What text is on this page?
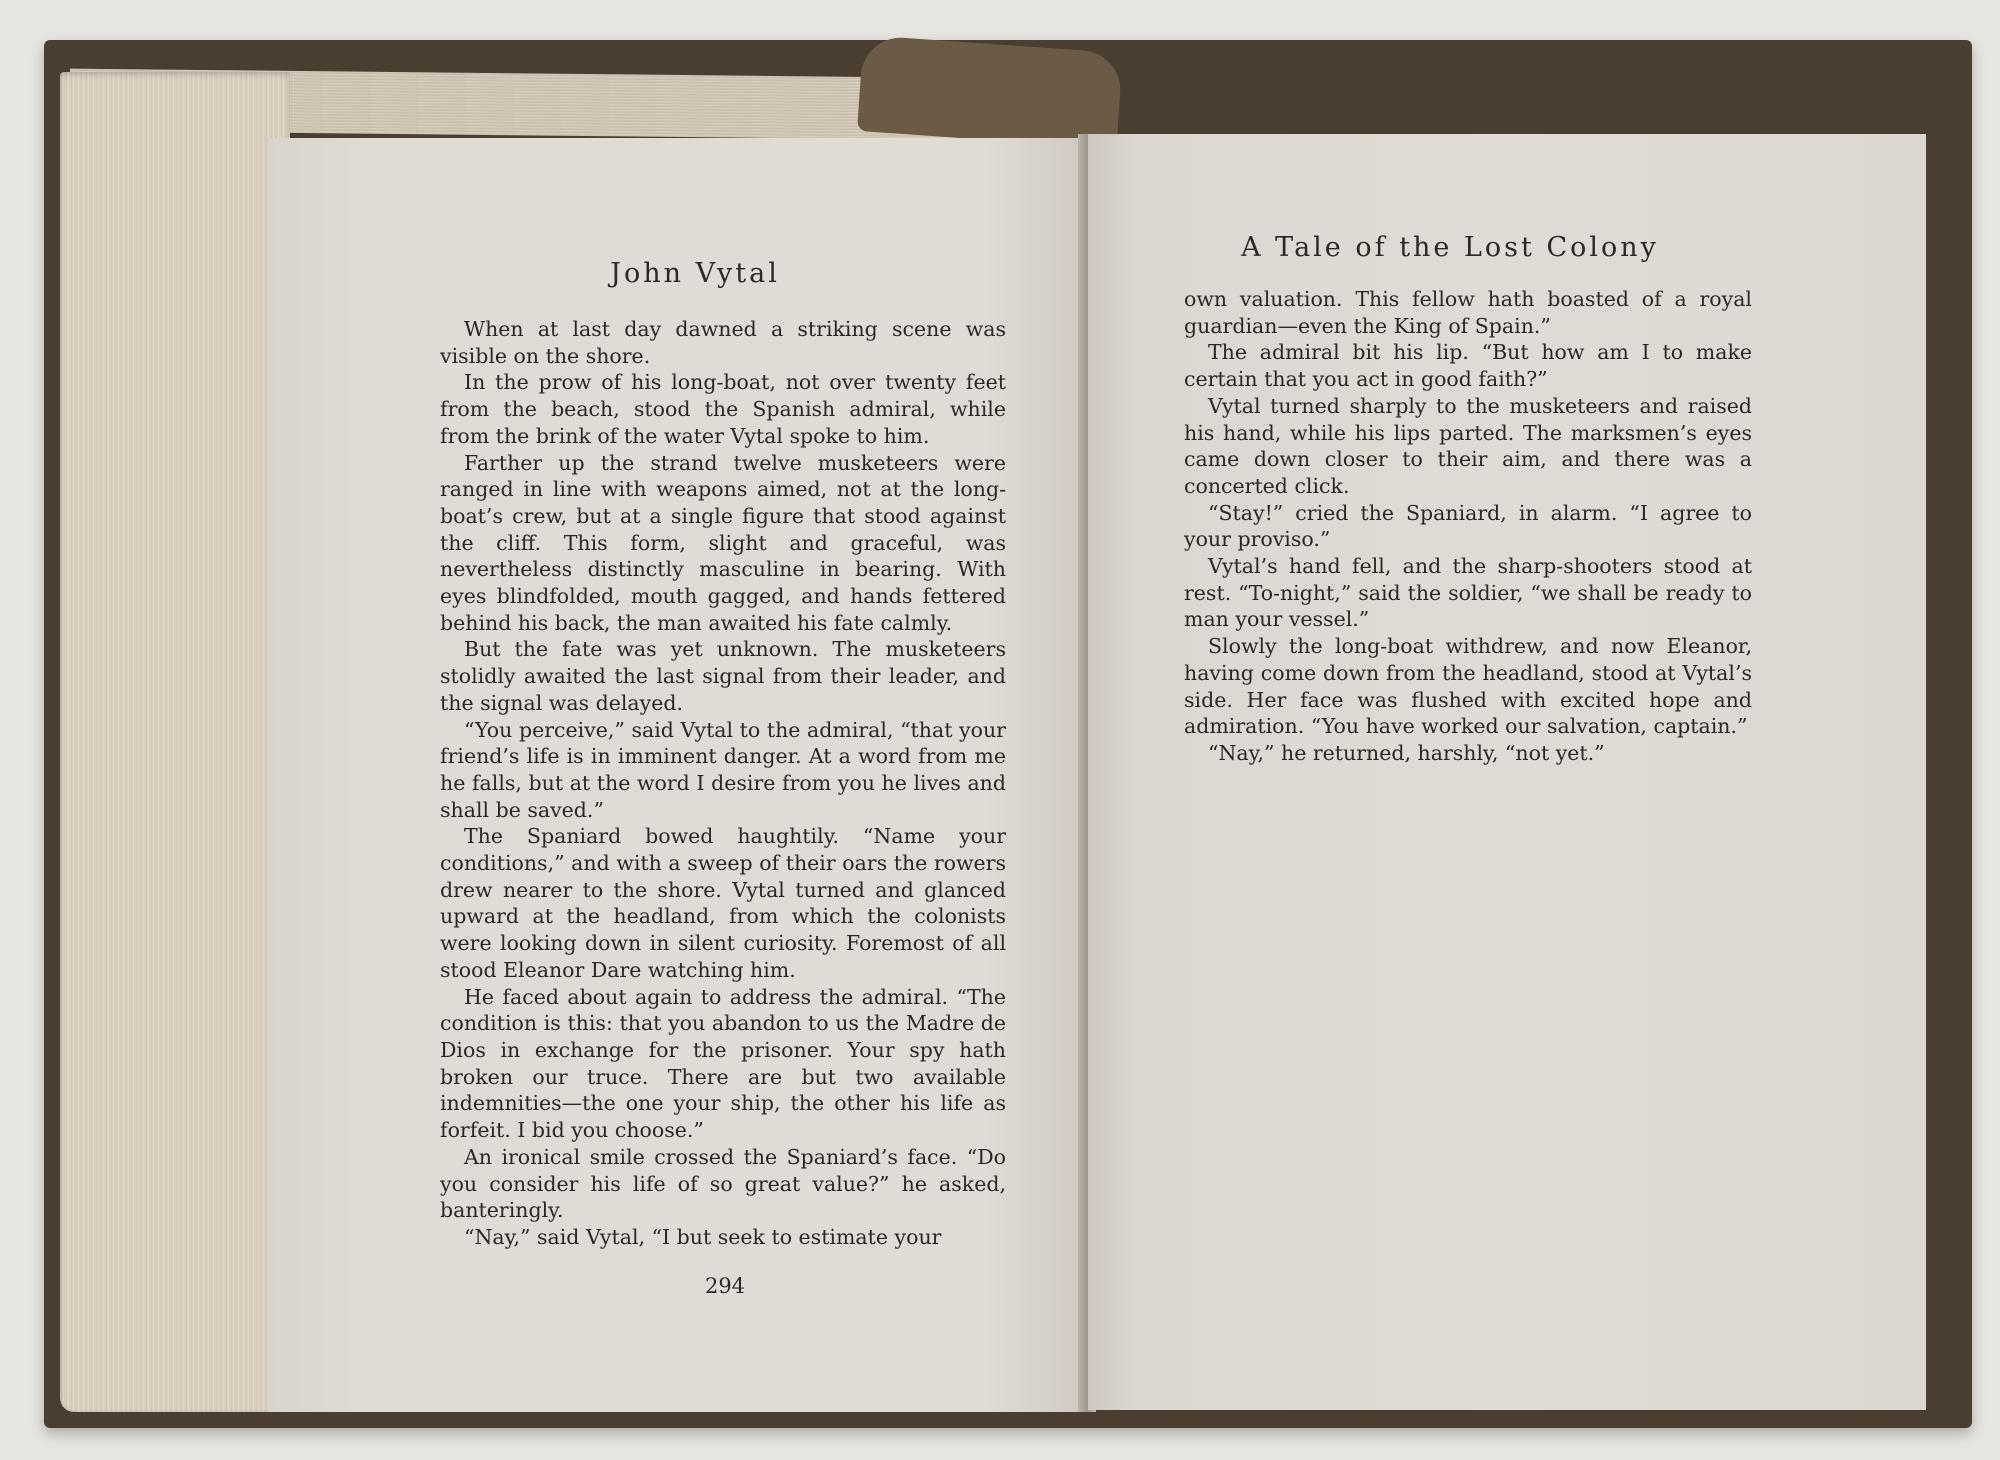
John Vytal

When at last day dawned a striking scene was visible on the shore.

In the prow of his long-boat, not over twenty feet from the beach, stood the Spanish admiral, while from the brink of the water Vytal spoke to him.

Farther up the strand twelve musketeers were ranged in line with weapons aimed, not at the long-boat’s crew, but at a single figure that stood against the cliff. This form, slight and graceful, was nevertheless distinctly masculine in bearing. With eyes blindfolded, mouth gagged, and hands fettered behind his back, the man awaited his fate calmly.

But the fate was yet unknown. The musketeers stolidly awaited the last signal from their leader, and the signal was delayed.

“You perceive,” said Vytal to the admiral, “that your friend’s life is in imminent danger. At a word from me he falls, but at the word I desire from you he lives and shall be saved.”

The Spaniard bowed haughtily. “Name your conditions,” and with a sweep of their oars the rowers drew nearer to the shore. Vytal turned and glanced upward at the headland, from which the colonists were looking down in silent curiosity. Foremost of all stood Eleanor Dare watching him.

He faced about again to address the admiral. “The condition is this: that you abandon to us the Madre de Dios in exchange for the prisoner. Your spy hath broken our truce. There are but two available indemnities—the one your ship, the other his life as forfeit. I bid you choose.”

An ironical smile crossed the Spaniard’s face. “Do you consider his life of so great value?” he asked, banteringly.

“Nay,” said Vytal, “I but seek to estimate your

294
A Tale of the Lost Colony

own valuation. This fellow hath boasted of a royal guardian—even the King of Spain.”

The admiral bit his lip. “But how am I to make certain that you act in good faith?”

Vytal turned sharply to the musketeers and raised his hand, while his lips parted. The marksmen’s eyes came down closer to their aim, and there was a concerted click.

“Stay!” cried the Spaniard, in alarm. “I agree to your proviso.”

Vytal’s hand fell, and the sharp-shooters stood at rest. “To-night,” said the soldier, “we shall be ready to man your vessel.”

Slowly the long-boat withdrew, and now Eleanor, having come down from the headland, stood at Vytal’s side. Her face was flushed with excited hope and admiration. “You have worked our salvation, captain.”

“Nay,” he returned, harshly, “not yet.”
